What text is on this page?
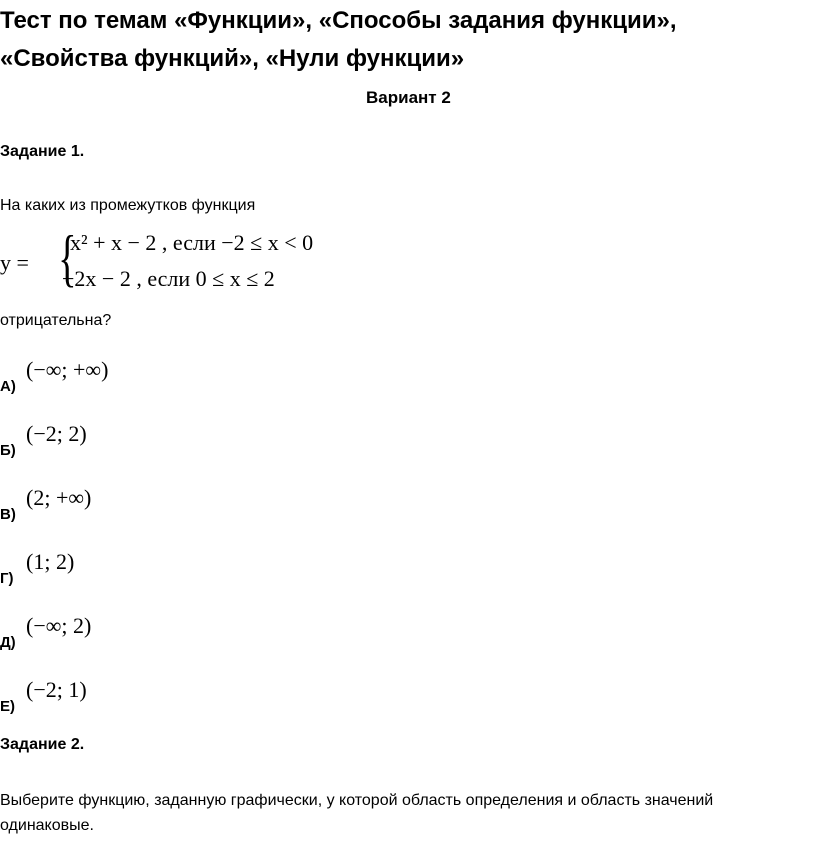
Тест по темам «Функции», «Способы задания функции»,
«Свойства функций», «Нули функции»
Вариант 2
Задание 1.
На каких из промежутков функция
y = {
x² + x − 2 , если −2 ≤ x < 0
−2x − 2 , если 0 ≤ x ≤ 2
отрицательна?
А)
(−∞; +∞)
Б)
(−2; 2)
В)
(2; +∞)
Г)
(1; 2)
Д)
(−∞; 2)
Е)
(−2; 1)
Задание 2.
Выберите функцию, заданную графически, у которой область определения и область значений
одинаковые.
